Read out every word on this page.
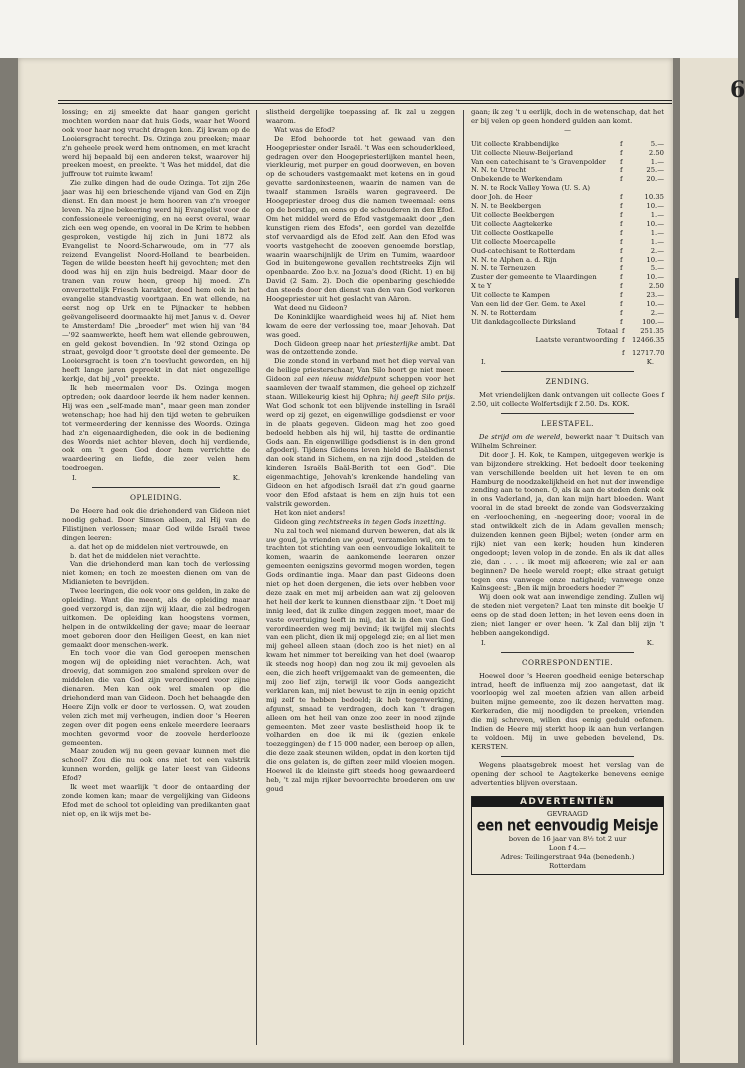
6

lossing; en zij smeekte dat haar gangen gericht mochten worden naar dat huis Gods, waar het Woord ook voor haar nog vrucht dragen kon. Zij kwam op de Looiersgracht terecht. Ds. Ozinga zou preeken; maar z'n geheele preek werd hem ontnomen, en met kracht werd hij bepaald bij een anderen tekst, waarover hij preeken moest, en preekte. 't Was het middel, dat die juffrouw tot ruimte kwam!

Zie zulke dingen had de oude Ozinga. Tot zijn 26e jaar was hij een brieschende vijand van God en Zijn dienst. En dan moest je hem hooren van z'n vroeger leven. Na zijne bekeering werd hij Evangelist voor de confessioneele vereeniging, en na eerst overal, waar zich een weg opende, en vooral in De Krim te hebben gesproken, vestigde hij zich in Juni 1872 als Evangelist te Noord-Scharwoude, om in '77 als reizend Evangelist Noord-Holland te bearbeiden. Tegen de wilde beesten heeft hij gevochten; met den dood was hij en zijn huis bedreigd. Maar door de tranen van rouw heen, greep hij moed. Z'n onverzettelijk Friesch karakter, deed hem ook in het evangelie standvastig voortgaan. En wat ellende, na eerst nog op Urk en te Pijnacker te hebben geëvangeliseerd doormaakte hij met Janus v. d. Oever te Amsterdam! Die „broeder" met wien hij van '84—'92 saamwerkte, heeft hem wat ellende gebrouwen, en geld gekost bovendien. In '92 stond Ozinga op straat, gevolgd door 't grootste deel der gemeente. De Looiersgracht is toen z'n toevlucht geworden, en hij heeft lange jaren gepreekt in dat niet ongezellige kerkje, dat bij „vol" preekte.

Ik heb meermalen voor Ds. Ozinga mogen optreden; ook daardoor leerde ik hem nader kennen. Hij was een „self-made man", maar geen man zonder wetenschap; hoe had hij den tijd weten te gebruiken tot vermeerdering der kennisse des Woords. Ozinga had z'n eigenaardigheden, die ook in de bediening des Woords niet achter bleven, doch hij verdiende, ook om 't geen God door hem verrichtte de waardeering en liefde, die zeer velen hem toedroegen.

I.	K.
OPLEIDING.

De Heere had ook die driehonderd van Gideon niet noodig gehad. Door Simson alleen, zal Hij van de Filistijnen verlossen; maar God wilde Israël twee dingen leeren:

a. dat het op de middelen niet vertrouwde, en

b. dat het de middelen niet verachtte.

Van die driehonderd man kan toch de verlossing niet komen; en toch ze moesten dienen om van de Midianieten te bevrijden.

Twee leeringen, die ook voor ons gelden, in zake de opleiding. Want die meent, als de opleiding maar goed verzorgd is, dan zijn wij klaar, die zal bedrogen uitkomen. De opleiding kan hoogstens vormen, helpen in de ontwikkeling der gave; maar de leeraar moet geboren door den Heiligen Geest, en kan niet gemaakt door menschen-werk.

En toch voor die van God geroepen menschen mogen wij de opleiding niet verachten. Ach, wat droevig, dat sommigen zoo smalend spreken over de middelen die van God zijn verordineerd voor zijne dienaren. Men kan ook wel smalen op die driehonderd man van Gideon. Doch het behaagde den Heere Zijn volk er door te verlossen. O, wat zouden velen zich met mij verheugen, indien door 's Heeren zegen over dit pogen eens enkele meerdere leeraars mochten gevormd voor de zoovele herderlooze gemeenten.

Maar zouden wij nu geen gevaar kunnen met die school? Zou die nu ook ons niet tot een valstrik kunnen worden, gelijk ge later leest van Gideons Efod?

Ik weet met waarlijk 't door de ontaarding der zonde komen kan; maar de vergelijking van Gideons Efod met de school tot opleiding van predikanten gaat niet op, en ik wijs met be-

slistheid dergelijke toepassing af. Ik zal u zeggen waarom.

Wat was de Efod?

De Efod behoorde tot het gewaad van den Hoogepriester onder Israël. 't Was een schouderkleed, gedragen over den Hoogepriesterlijken mantel heen, vierkleurig, met purper en goud doorweven, en boven op de schouders vastgemaakt met ketens en in goud gevatte sardonixsteenen, waarin de namen van de twaalf stammen Israëls waren gegraveerd. De Hoogepriester droeg dus die namen tweemaal: eens op de borstlap, en eens op de schouderen in den Efod. Om het middel werd de Efod vastgemaakt door „den kunstigen riem des Efods", een gordel van dezelfde stof vervaardigd als de Efod zelf. Aan den Efod was voorts vastgehecht de zooeven genoemde borstlap, waarin waarschijnlijk de Urim en Tumim, waardoor God in buitengewone gevallen rechtstreeks Zijn wil openbaarde. Zoo b.v. na Jozua's dood (Richt. 1) en bij David (2 Sam. 2). Doch die openbaring geschiedde dan steeds door den dienst van den van God verkoren Hoogepriester uit het geslacht van Aäron.

Wat deed nu Gideon?

De Koninklijke waardigheid wees hij af. Niet hem kwam de eere der verlossing toe, maar Jehovah. Dat was goed.

Doch Gideon greep naar het priesterlijke ambt. Dat was de ontzettende zonde.

Die zonde stond in verband met het diep verval van de heilige priesterschaar, Van Silo hoort ge niet meer. Gideon zal een nieuw middelpunt scheppen voor het saamleven der twaalf stammen, die geheel op zichzelf staan. Willekeurig kiest hij Ophra; hij geeft Silo prijs. Wat God schonk tot een blijvende instelling in Israël werd op zij gezet, en eigenwillige godsdienst er voor in de plaats gegeven. Gideon mag het zoo goed bedoeld hebben als hij wil, hij tastte de ordinantie Gods aan. En eigenwillige godsdienst is in den grond afgoderij. Tijdens Gideons leven hield de Baälsdienst dan ook stand in Sichem, en na zijn dood „stelden de kinderen Israëls Baäl-Berith tot een God". Die eigenmachtige, Jehovah's krenkende handeling van Gideon en het afgodisch Israël dat z'n goud gaarne voor den Efod afstaat is hem en zijn huis tot een valstrik geworden.

Het kon niet anders!

Gideon ging rechtstreeks in tegen Gods inzetting.

Nu zal toch wel niemand durven beweren, dat als ik uw goud, ja vrienden uw goud, verzamelen wil, om te trachten tot stichting van een eenvoudige lokaliteit te komen, waarin de aankomende leeraren onzer gemeenten eenigszins gevormd mogen worden, tegen Gods ordinantie inga. Maar dan past Gideons doen niet op het doen dergenen, die iets over hebben voor deze zaak en met mij arbeiden aan wat zij gelooven het heil der kerk te kunnen dienstbaar zijn. 't Doet mij innig leed, dat ik zulke dingen zeggen moet, maar de vaste overtuiging leeft in mij, dat ik in den van God verordineerden weg mij bevind; ik twijfel mij slechts van een plicht, dien ik mij opgelegd zie; en al liet men mij geheel alleen staan (doch zoo is het niet) en al kwam het nimmer tot bereiking van het doel (waarop ik steeds nog hoop) dan nog zou ik mij gevoelen als een, die zich heeft vrijgemaakt van de gemeenten, die mij zoo lief zijn, terwijl ik voor Gods aangezicht verklaren kan, mij niet bewust te zijn in eenig opzicht mij zelf te hebben bedoeld; ik heb tegenwerking, afgunst, smaad te verdragen, doch kan 't dragen alleen om het heil van onze zoo zeer in nood zijnde gemeenten. Met zeer vaste beslistheid hoop ik te volharden en doe ik mi ik (gezien enkele toezeggingen) de f 15 000 nader, een beroep op allen, die deze zaak steunen wilden, opdat in den korten tijd die ons gelaten is, de giften zeer mild vloeien mogen. Hoewel ik de kleinste gift steeds hoog gewaardeerd heb, 't zal mijn rijker bevoorrechte broederen om uw goud

gaan; ik zeg 't u eerlijk, doch in de wetenschap, dat het er bij velen op geen honderd gulden aan komt.

—
Uit collecte Krabbendijke	f	5.—
Uit collecte Nieuw-Beijerland	f	2.50
Van een catechisant te 's Gravenpolder	f	1.—
N. N. te Utrecht	f	25.—
Onbekende te Werkendam	f	20.—
N. N. te Rock Valley Yowa (U. S. A)
door Joh. de Heer	f	10.35
N. N. te Beekbergen	f	10.—
Uit collecte Beekbergen	f	1.—
Uit collecte Aagtekerke	f	10.—
Uit collecte Oostkapelle	f	1.—
Uit collecte Moercapelle	f	1.—
Oud-catechisant te Rotterdam	f	2.—
N. N. te Alphen a. d. Rijn	f	10.—
N. N. te Terneuzen	f	5.—
Zuster der gemeente te Vlaardingen	f	10.—
X te Y	f	2.50
Uit collecte te Kampen	f	23.—
Van een lid der Ger. Gem. te Axel	f	10.—
N. N. te Rotterdam	f	2.—
Uit dankdagcollecte Dirksland	f	100.—
Totaal f	251.35
Laatste verantwoording f	12466.35
f	12717.70
I.	K.
ZENDING.

Met vriendelijken dank ontvangen uit collecte Goes f 2.50, uit collecte Wolfertsdijk f 2.50. Ds. KOK.

LEESTAFEL.

De strijd om de wereld, bewerkt naar 't Duitsch van Wilhelm Schreiner.

Dit door J. H. Kok, te Kampen, uitgegeven werkje is van bijzondere strekking. Het bedoelt door teekening van verschillende beelden uit het leven te en om Hamburg de noodzakelijkheid en het nut der inwendige zending aan te toonen. O, als ik aan de steden denk ook in ons Vaderland, ja, dan kan mijn hart bloeden. Want vooral in de stad breekt de zonde van Godsverzaking en -verloochening, en -negeering door; vooral in de stad ontwikkelt zich de in Adam gevallen mensch; duizenden kennen geen Bijbel; weten (onder arm en rijk) niet van een kerk; houden hun kinderen ongedoopt; leven volop in de zonde. En als ik dat alles zie, dan . . . . ik moet mij afkeeren; wie zal er aan beginnen? De heele wereld roept; elke straat getuigt tegen ons vanwege onze natigheid; vanwege onze Kaïnsgeest: „Ben ik mijn broeders hoeder ?"

Wij doen ook wat aan inwendige zending. Zullen wij de steden niet vergeten? Laat ten minste dit boekje U eens op de stad doen letten; in het leven eens doen in zien; niet langer er over heen. 'k Zal dan blij zijn 't hebben aangekondigd.

I.	K.
CORRESPONDENTIE.

Hoewel door 's Heeren goedheid eenige beterschap intrad, heeft de influenza mij zoo aangetast, dat ik voorloopig wel zal moeten afzien van allen arbeid buiten mijne gemeente, zoo ik dezen hervatten mag. Kerkeraden, die mij noodigden te preeken, vrienden die mij schreven, willen dus eenig geduld oefenen. Indien de Heere mij sterkt hoop ik aan hun verlangen te voldoen. Mij in uwe gebeden bevelend, Ds. KERSTEN.

Wegens plaatsgebrek moest het verslag van de opening der school te Aagtekerke benevens eenige advertenties blijven overstaan.

ADVERTENTIËN
GEVRAAGD
een net eenvoudig Meisje
boven de 16 jaar van 8½ tot 2 uur
Loon f 4.—
Adres: Teilingerstraat 94a (benedenh.)
Rotterdam
